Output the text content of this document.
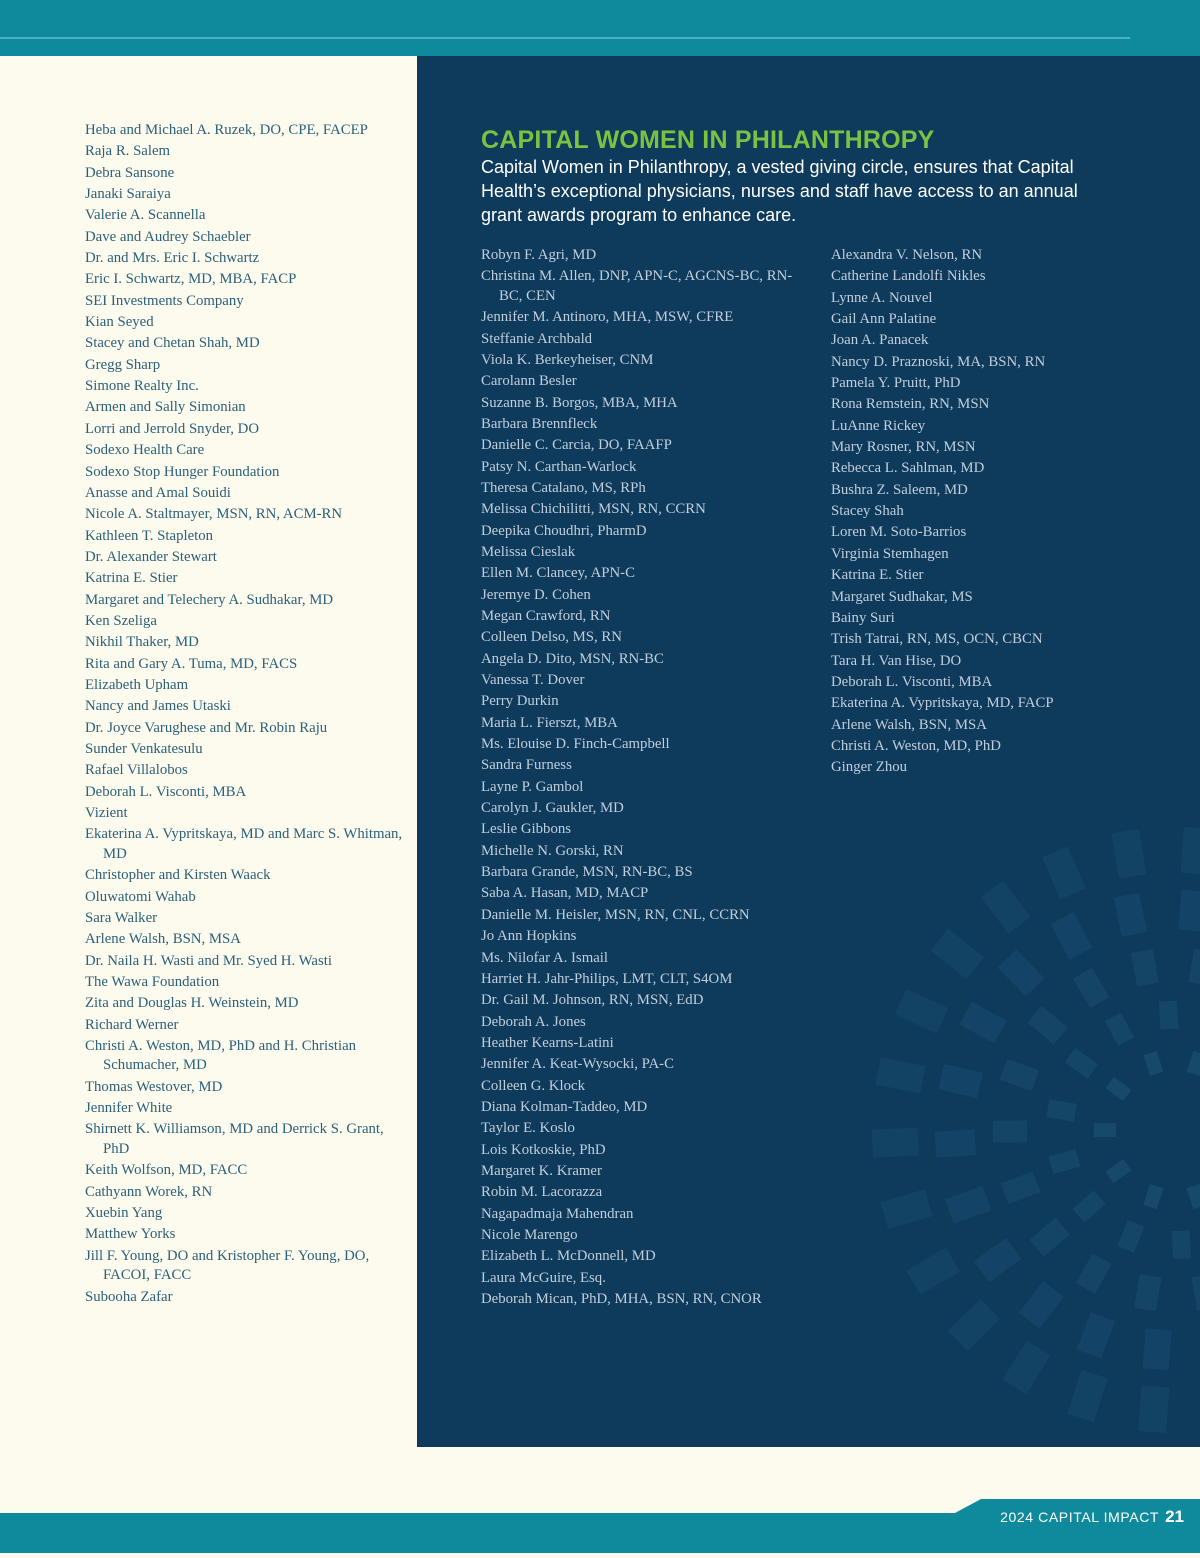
Heba and Michael A. Ruzek, DO, CPE, FACEP
Raja R. Salem
Debra Sansone
Janaki Saraiya
Valerie A. Scannella
Dave and Audrey Schaebler
Dr. and Mrs. Eric I. Schwartz
Eric I. Schwartz, MD, MBA, FACP
SEI Investments Company
Kian Seyed
Stacey and Chetan Shah, MD
Gregg Sharp
Simone Realty Inc.
Armen and Sally Simonian
Lorri and Jerrold Snyder, DO
Sodexo Health Care
Sodexo Stop Hunger Foundation
Anasse and Amal Souidi
Nicole A. Staltmayer, MSN, RN, ACM-RN
Kathleen T. Stapleton
Dr. Alexander Stewart
Katrina E. Stier
Margaret and Telechery A. Sudhakar, MD
Ken Szeliga
Nikhil Thaker, MD
Rita and Gary A. Tuma, MD, FACS
Elizabeth Upham
Nancy and James Utaski
Dr. Joyce Varughese and Mr. Robin Raju
Sunder Venkatesulu
Rafael Villalobos
Deborah L. Visconti, MBA
Vizient
Ekaterina A. Vypritskaya, MD and Marc S. Whitman, MD
Christopher and Kirsten Waack
Oluwatomi Wahab
Sara Walker
Arlene Walsh, BSN, MSA
Dr. Naila H. Wasti and Mr. Syed H. Wasti
The Wawa Foundation
Zita and Douglas H. Weinstein, MD
Richard Werner
Christi A. Weston, MD, PhD and H. Christian Schumacher, MD
Thomas Westover, MD
Jennifer White
Shirnett K. Williamson, MD and Derrick S. Grant, PhD
Keith Wolfson, MD, FACC
Cathyann Worek, RN
Xuebin Yang
Matthew Yorks
Jill F. Young, DO and Kristopher F. Young, DO, FACOI, FACC
Subooha Zafar
CAPITAL WOMEN IN PHILANTHROPY

Capital Women in Philanthropy, a vested giving circle, ensures that Capital Health’s exceptional physicians, nurses and staff have access to an annual grant awards program to enhance care.

Robyn F. Agri, MD
Christina M. Allen, DNP, APN-C, AGCNS-BC, RN-BC, CEN
Jennifer M. Antinoro, MHA, MSW, CFRE
Steffanie Archbald
Viola K. Berkeyheiser, CNM
Carolann Besler
Suzanne B. Borgos, MBA, MHA
Barbara Brennfleck
Danielle C. Carcia, DO, FAAFP
Patsy N. Carthan-Warlock
Theresa Catalano, MS, RPh
Melissa Chichilitti, MSN, RN, CCRN
Deepika Choudhri, PharmD
Melissa Cieslak
Ellen M. Clancey, APN-C
Jeremye D. Cohen
Megan Crawford, RN
Colleen Delso, MS, RN
Angela D. Dito, MSN, RN-BC
Vanessa T. Dover
Perry Durkin
Maria L. Fierszt, MBA
Ms. Elouise D. Finch-Campbell
Sandra Furness
Layne P. Gambol
Carolyn J. Gaukler, MD
Leslie Gibbons
Michelle N. Gorski, RN
Barbara Grande, MSN, RN-BC, BS
Saba A. Hasan, MD, MACP
Danielle M. Heisler, MSN, RN, CNL, CCRN
Jo Ann Hopkins
Ms. Nilofar A. Ismail
Harriet H. Jahr-Philips, LMT, CLT, S4OM
Dr. Gail M. Johnson, RN, MSN, EdD
Deborah A. Jones
Heather Kearns-Latini
Jennifer A. Keat-Wysocki, PA-C
Colleen G. Klock
Diana Kolman-Taddeo, MD
Taylor E. Koslo
Lois Kotkoskie, PhD
Margaret K. Kramer
Robin M. Lacorazza
Nagapadmaja Mahendran
Nicole Marengo
Elizabeth L. McDonnell, MD
Laura McGuire, Esq.
Deborah Mican, PhD, MHA, BSN, RN, CNOR
Alexandra V. Nelson, RN
Catherine Landolfi Nikles
Lynne A. Nouvel
Gail Ann Palatine
Joan A. Panacek
Nancy D. Praznoski, MA, BSN, RN
Pamela Y. Pruitt, PhD
Rona Remstein, RN, MSN
LuAnne Rickey
Mary Rosner, RN, MSN
Rebecca L. Sahlman, MD
Bushra Z. Saleem, MD
Stacey Shah
Loren M. Soto-Barrios
Virginia Stemhagen
Katrina E. Stier
Margaret Sudhakar, MS
Bainy Suri
Trish Tatrai, RN, MS, OCN, CBCN
Tara H. Van Hise, DO
Deborah L. Visconti, MBA
Ekaterina A. Vypritskaya, MD, FACP
Arlene Walsh, BSN, MSA
Christi A. Weston, MD, PhD
Ginger Zhou
2024 CAPITAL IMPACT 21
